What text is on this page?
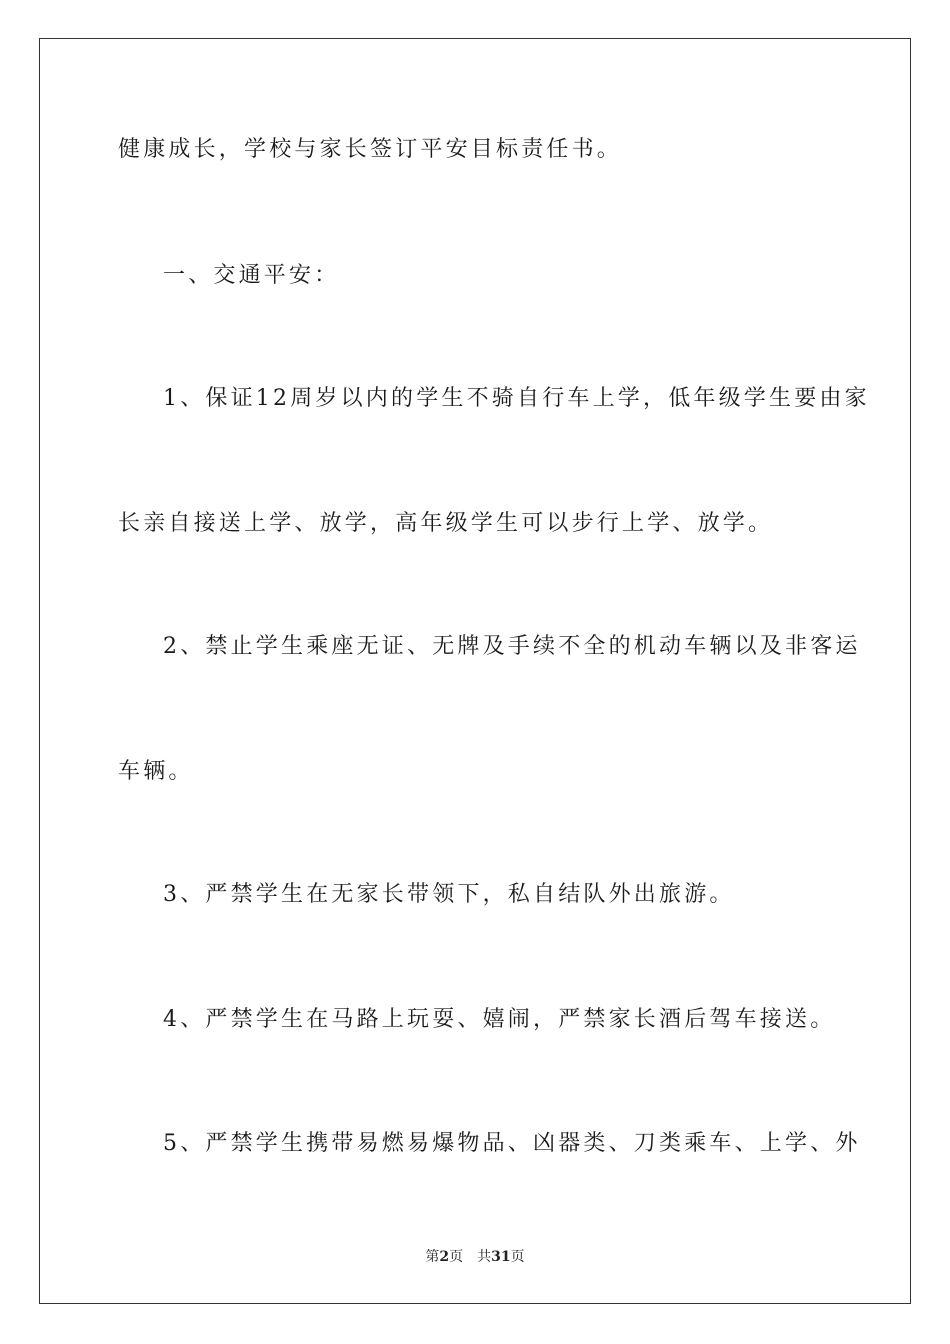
健康成长，学校与家长签订平安目标责任书。
一、交通平安：
1、保证12周岁以内的学生不骑自行车上学，低年级学生要由家
长亲自接送上学、放学，高年级学生可以步行上学、放学。
2、禁止学生乘座无证、无牌及手续不全的机动车辆以及非客运
车辆。
3、严禁学生在无家长带领下，私自结队外出旅游。
4、严禁学生在马路上玩耍、嬉闹，严禁家长酒后驾车接送。
5、严禁学生携带易燃易爆物品、凶器类、刀类乘车、上学、外
第2页 共31页
